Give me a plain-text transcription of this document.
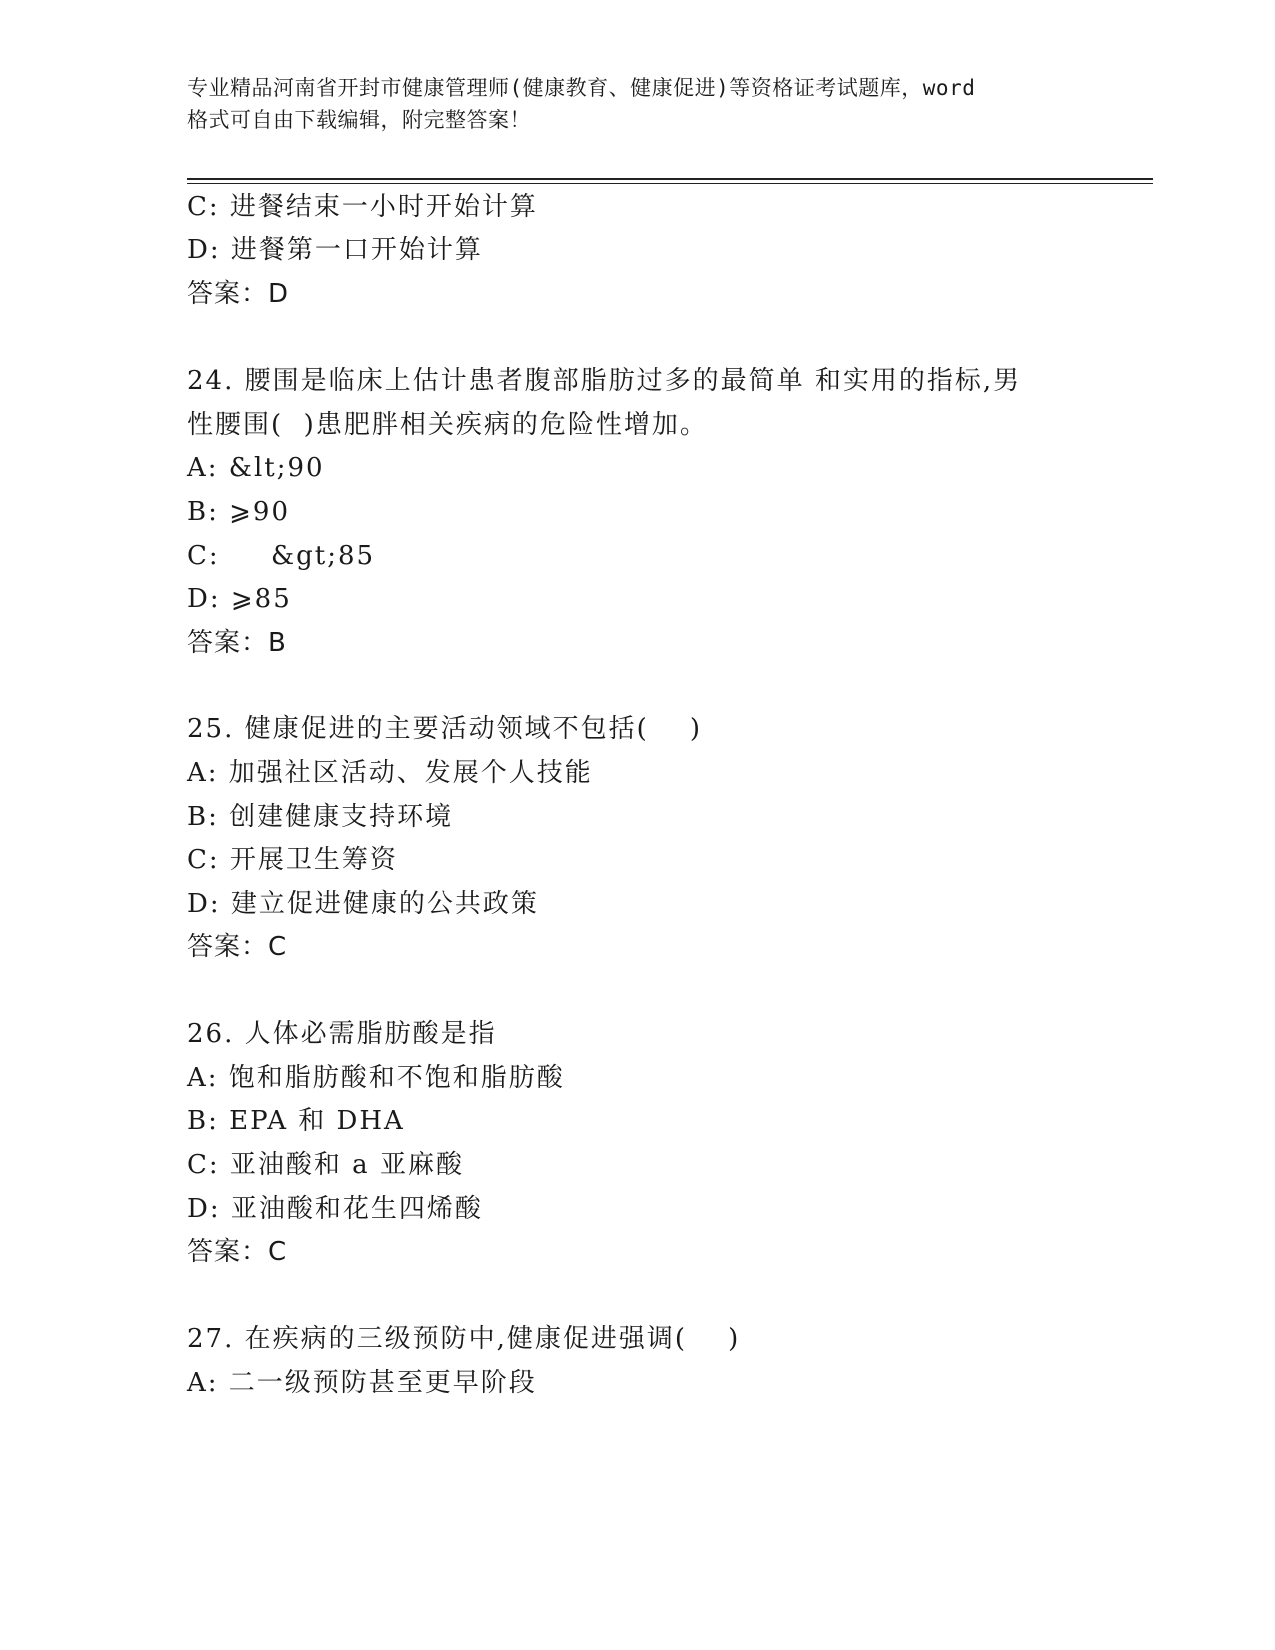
专业精品河南省开封市健康管理师(健康教育、健康促进)等资格证考试题库，word
格式可自由下载编辑，附完整答案！
C: 进餐结束一小时开始计算
D: 进餐第一口开始计算
答案：D
24. 腰围是临床上估计患者腹部脂肪过多的最简单 和实用的指标,男
性腰围(  )患肥胖相关疾病的危险性增加。
A: &lt;90
B: ⩾90
C:     &gt;85
D: ⩾85
答案：B
25. 健康促进的主要活动领域不包括(    )
A: 加强社区活动、发展个人技能
B: 创建健康支持环境
C: 开展卫生筹资
D: 建立促进健康的公共政策
答案：C
26. 人体必需脂肪酸是指
A: 饱和脂肪酸和不饱和脂肪酸
B: EPA 和 DHA
C: 亚油酸和 a 亚麻酸
D: 亚油酸和花生四烯酸
答案：C
27. 在疾病的三级预防中,健康促进强调(    )
A: 二一级预防甚至更早阶段
